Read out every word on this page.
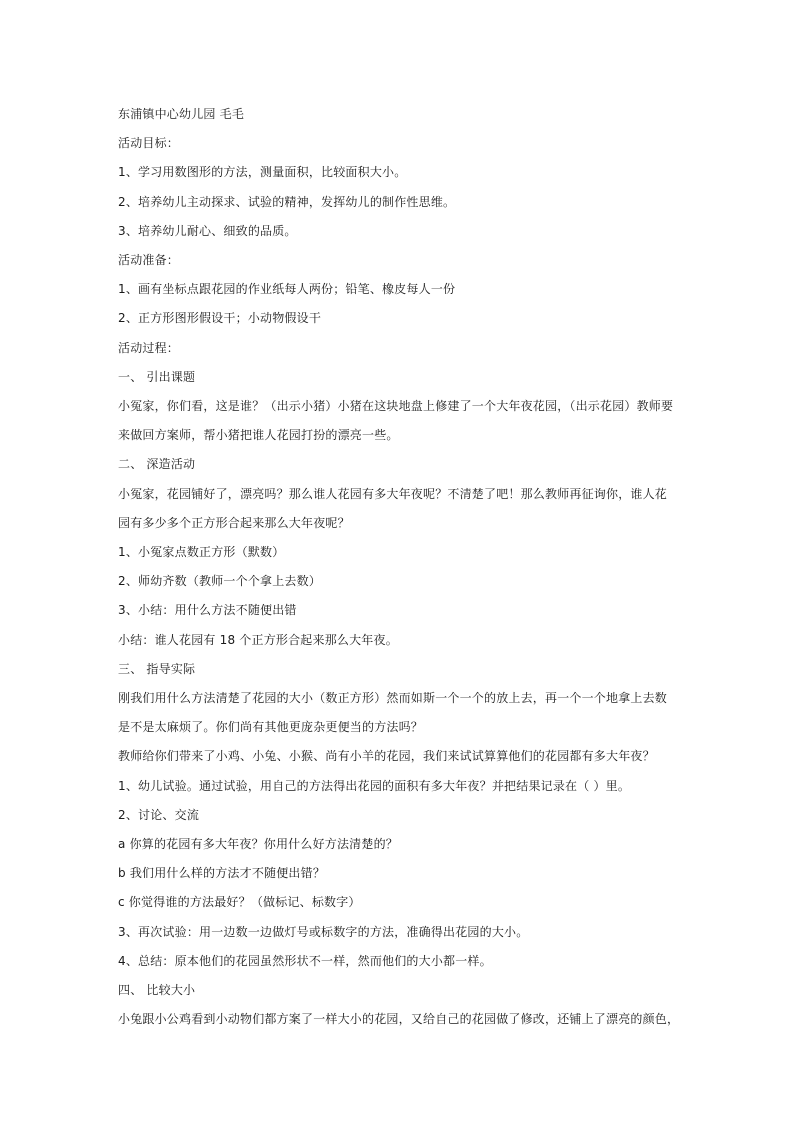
东浦镇中心幼儿园 毛毛
活动目标：
1、学习用数图形的方法，测量面积，比较面积大小。
2、培养幼儿主动探求、试验的精神，发挥幼儿的制作性思维。
3、培养幼儿耐心、细致的品质。
活动准备：
1、画有坐标点跟花园的作业纸每人两份；铅笔、橡皮每人一份
2、正方形图形假设干；小动物假设干
活动过程：
一、 引出课题
小冤家，你们看，这是谁？（出示小猪）小猪在这块地盘上修建了一个大年夜花园，（出示花园）教师要来做回方案师，帮小猪把谁人花园打扮的漂亮一些。
二、 深造活动
小冤家，花园铺好了，漂亮吗？那么谁人花园有多大年夜呢？不清楚了吧！那么教师再征询你，谁人花园有多少多个正方形合起来那么大年夜呢？
1、小冤家点数正方形（默数）
2、师幼齐数（教师一个个拿上去数）
3、小结：用什么方法不随便出错
小结：谁人花园有 18 个正方形合起来那么大年夜。
三、 指导实际
刚我们用什么方法清楚了花园的大小（数正方形）然而如斯一个一个的放上去，再一个一个地拿上去数是不是太麻烦了。你们尚有其他更庞杂更便当的方法吗？
教师给你们带来了小鸡、小兔、小猴、尚有小羊的花园，我们来试试算算他们的花园都有多大年夜？
1、幼儿试验。通过试验，用自己的方法得出花园的面积有多大年夜？并把结果记录在（ ）里。
2、讨论、交流
a 你算的花园有多大年夜？你用什么好方法清楚的？
b 我们用什么样的方法才不随便出错？
c 你觉得谁的方法最好？（做标记、标数字）
3、再次试验：用一边数一边做灯号或标数字的方法，准确得出花园的大小。
4、总结：原本他们的花园虽然形状不一样，然而他们的大小都一样。
四、 比较大小
小兔跟小公鸡看到小动物们都方案了一样大小的花园，又给自己的花园做了修改，还铺上了漂亮的颜色，
